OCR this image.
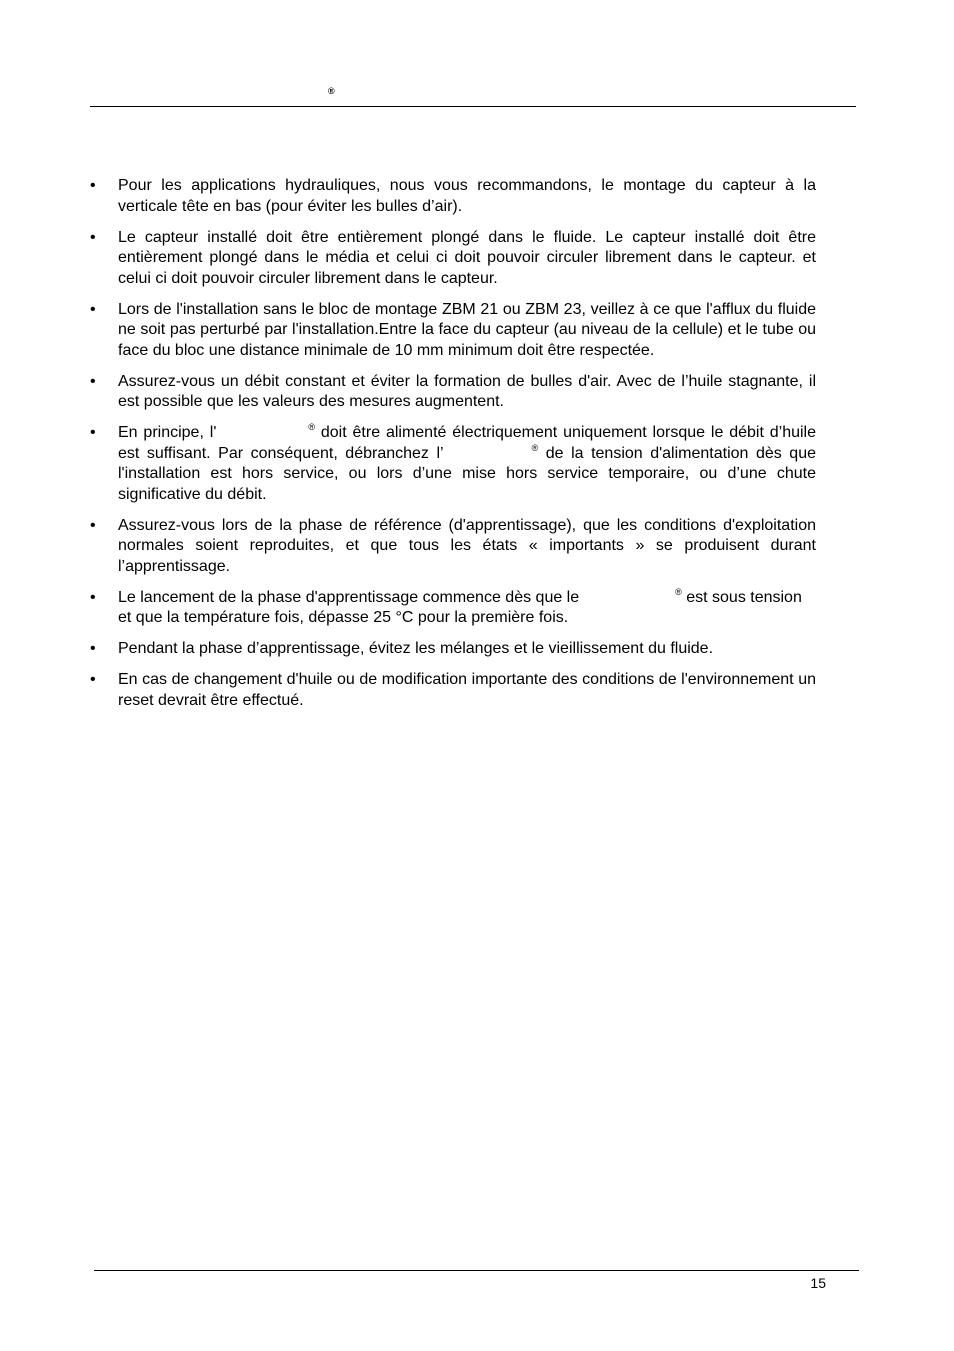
®
• Pour les applications hydrauliques, nous vous recommandons, le montage du capteur à la verticale tête en bas (pour éviter les bulles d’air).
• Le capteur installé doit être entièrement plongé dans le fluide. Le capteur installé doit être entièrement plongé dans le média et celui ci doit pouvoir circuler librement dans le capteur. et celui ci doit pouvoir circuler librement dans le capteur.
• Lors de l'installation sans le bloc de montage ZBM 21 ou ZBM 23, veillez à ce que l'afflux du fluide ne soit pas perturbé par l'installation.Entre la face du capteur (au niveau de la cellule) et le tube ou face du bloc une distance minimale de 10 mm minimum doit être respectée.
• Assurez-vous un débit constant et éviter la formation de bulles d'air. Avec de l’huile stagnante, il est possible que les valeurs des mesures augmentent.
• En principe, l'	® doit être alimenté électriquement uniquement lorsque le débit d’huile est suffisant. Par conséquent, débranchez l’	® de la tension d'alimentation dès que l'installation est hors service, ou lors d’une mise hors service temporaire, ou d’une chute significative du débit.
• Assurez-vous lors de la phase de référence (d'apprentissage), que les conditions d'exploitation normales soient reproduites, et que tous les états « importants » se produisent durant l’apprentissage.
• Le lancement de la phase d'apprentissage commence dès que le	® est sous tension et que la température fois, dépasse 25 °C pour la première fois.
• Pendant la phase d’apprentissage, évitez les mélanges et le vieillissement du fluide.
• En cas de changement d'huile ou de modification importante des conditions de l'environnement un reset devrait être effectué.
15
